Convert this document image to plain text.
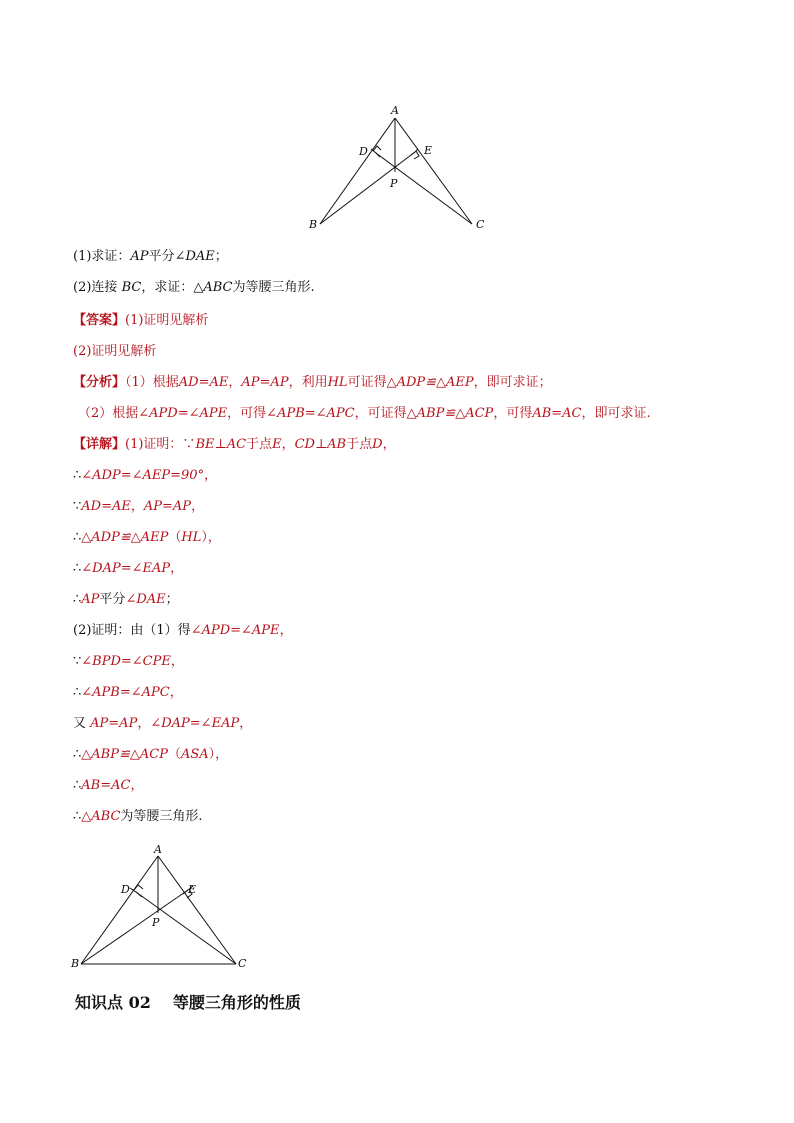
A
D	E
P
B	C
(1)求证：AP平分∠DAE；
(2)连接 BC，求证：△ABC为等腰三角形.
【答案】(1)证明见解析
(2)证明见解析
【分析】（1）根据AD=AE，AP=AP，利用HL可证得△ADP≌△AEP，即可求证；
（2）根据∠APD=∠APE，可得∠APB=∠APC，可证得△ABP≌△ACP，可得AB=AC，即可求证.
【详解】(1)证明：∵BE⊥AC于点E，CD⊥AB于点D，
∴∠ADP=∠AEP=90°，
∵AD=AE，AP=AP，
∴△ADP≌△AEP（HL），
∴∠DAP=∠EAP，
∴AP平分∠DAE；
(2)证明：由（1）得∠APD=∠APE，
∵∠BPD=∠CPE，
∴∠APB=∠APC，
又 AP=AP，∠DAP=∠EAP，
∴△ABP≌△ACP（ASA），
∴AB=AC，
∴△ABC为等腰三角形.
A
D	E
P
B	C
知识点 02 等腰三角形的性质
